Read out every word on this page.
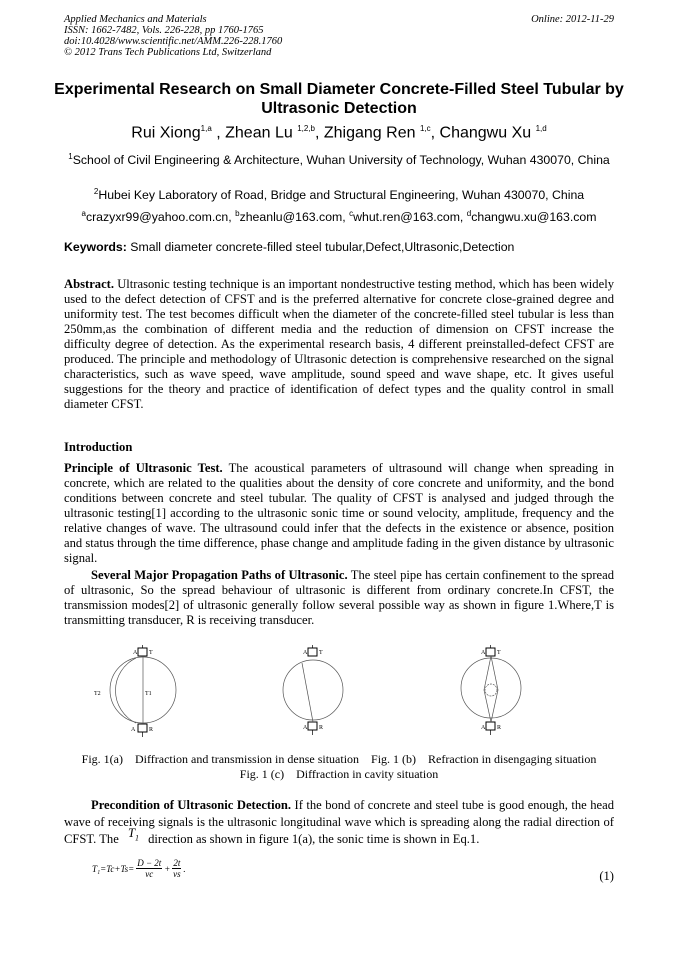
Applied Mechanics and Materials
ISSN: 1662-7482, Vols. 226-228, pp 1760-1765
doi:10.4028/www.scientific.net/AMM.226-228.1760
© 2012 Trans Tech Publications Ltd, Switzerland
Online: 2012-11-29
Experimental Research on Small Diameter Concrete-Filled Steel Tubular by Ultrasonic Detection
Rui Xiong$^{1,a}$ , Zhean Lu $^{1,2,b}$, Zhigang Ren $^{1,c}$, Changwu Xu $^{1,d}$
$^1$School of Civil Engineering & Architecture, Wuhan University of Technology, Wuhan 430070, China
$^2$Hubei Key Laboratory of Road, Bridge and Structural Engineering, Wuhan 430070, China
$^a$crazyxr99@yahoo.com.cn, $^b$zheanlu@163.com, $^c$whut.ren@163.com, $^d$changwu.xu@163.com
Keywords: Small diameter concrete-filled steel tubular,Defect,Ultrasonic,Detection
Abstract. Ultrasonic testing technique is an important nondestructive testing method, which has been widely used to the defect detection of CFST and is the preferred alternative for concrete close-grained degree and uniformity test. The test becomes difficult when the diameter of the concrete-filled steel tubular is less than 250mm,as the combination of different media and the reduction of dimension on CFST increase the difficulty degree of detection. As the experimental research basis, 4 different preinstalled-defect CFST are produced. The principle and methodology of Ultrasonic detection is comprehensive researched on the signal characteristics, such as wave speed, wave amplitude, sound speed and wave shape, etc. It gives useful suggestions for the theory and practice of identification of defect types and the quality control in small diameter CFST.
Introduction
Principle of Ultrasonic Test. The acoustical parameters of ultrasound will change when spreading in concrete, which are related to the qualities about the density of core concrete and uniformity, and the bond conditions between concrete and steel tubular. The quality of CFST is analysed and judged through the ultrasonic testing[1] according to the ultrasonic sonic time or sound velocity, amplitude, frequency and the relative changes of wave. The ultrasound could infer that the defects in the existence or absence, position and status through the time difference, phase change and amplitude fading in the given distance by ultrasonic signal.
Several Major Propagation Paths of Ultrasonic. The steel pipe has certain confinement to the spread of ultrasonic, So the spread behaviour of ultrasonic is different from ordinary concrete.In CFST, the transmission modes[2] of ultrasonic generally follow several possible way as shown in figure 1.Where,T is transmitting transducer, R is receiving transducer.
A T
A R
T1
T2
A T
A R
A T
A R
Fig. 1(a)    Diffraction and transmission in dense situation    Fig. 1 (b)    Refraction in disengaging situation
Fig. 1 (c)    Diffraction in cavity situation
Precondition of Ultrasonic Detection. If the bond of concrete and steel tube is good enough, the head wave of receiving signals is the ultrasonic longitudinal wave which is spreading along the radial direction of CFST. The $T_1$ direction as shown in figure 1(a), the sonic time is shown in Eq.1.
$T_1=Tc+Ts= \frac{D - 2t}{vc} + \frac{2t}{vs}$ .
(1)
